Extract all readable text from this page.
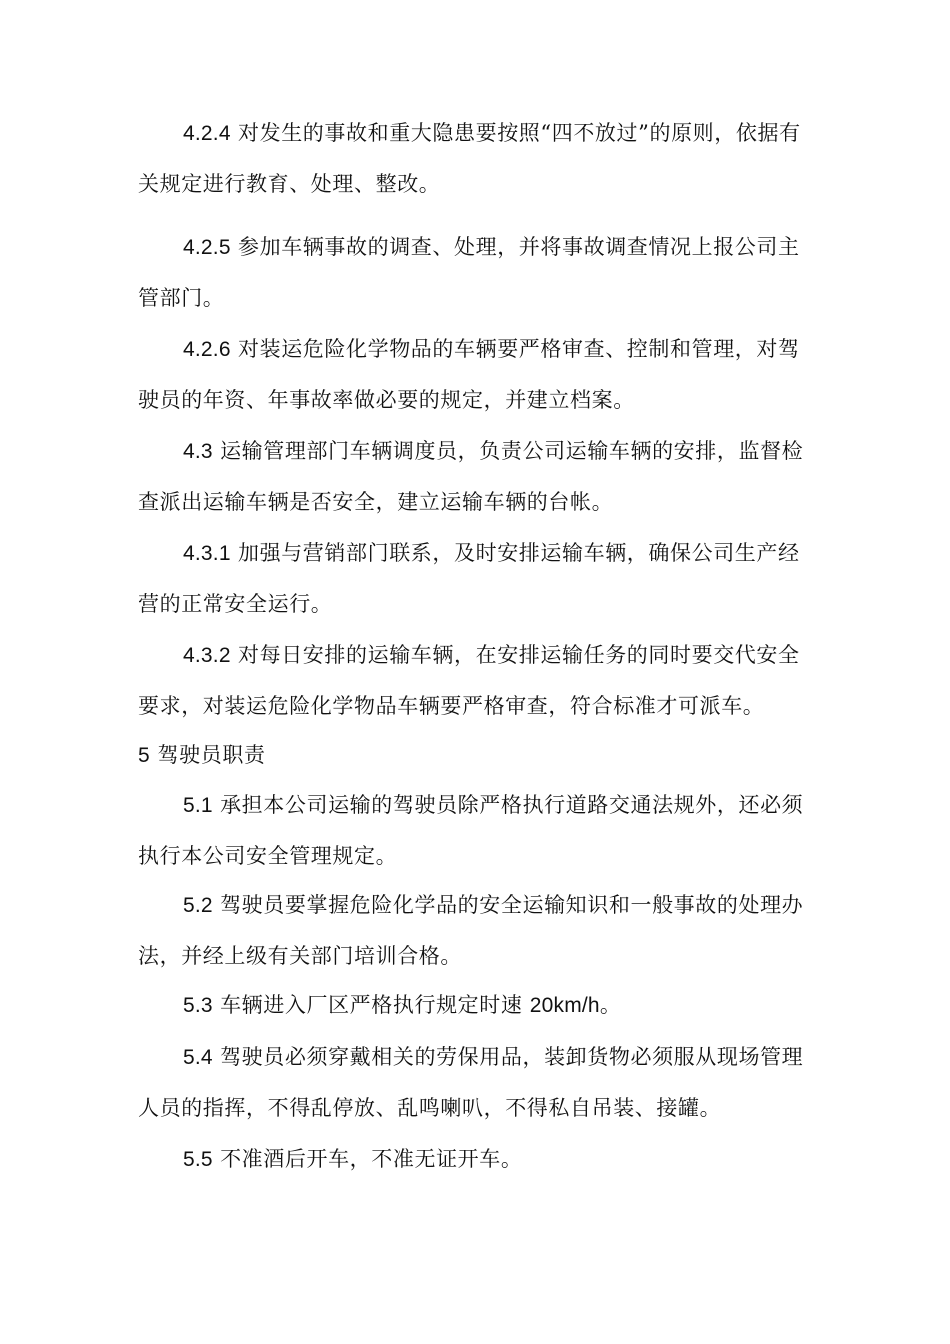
4.2.4 对发生的事故和重大隐患要按照“四不放过”的原则，依据有关规定进行教育、处理、整改。

4.2.5 参加车辆事故的调查、处理，并将事故调查情况上报公司主管部门。

4.2.6 对装运危险化学物品的车辆要严格审查、控制和管理，对驾驶员的年资、年事故率做必要的规定，并建立档案。

4.3 运输管理部门车辆调度员，负责公司运输车辆的安排，监督检查派出运输车辆是否安全，建立运输车辆的台帐。

4.3.1 加强与营销部门联系，及时安排运输车辆，确保公司生产经营的正常安全运行。

4.3.2 对每日安排的运输车辆，在安排运输任务的同时要交代安全要求，对装运危险化学物品车辆要严格审查，符合标准才可派车。

5 驾驶员职责

5.1 承担本公司运输的驾驶员除严格执行道路交通法规外，还必须执行本公司安全管理规定。

5.2 驾驶员要掌握危险化学品的安全运输知识和一般事故的处理办法，并经上级有关部门培训合格。

5.3 车辆进入厂区严格执行规定时速 20km/h。

5.4 驾驶员必须穿戴相关的劳保用品，装卸货物必须服从现场管理人员的指挥，不得乱停放、乱鸣喇叭，不得私自吊装、接罐。

5.5 不准酒后开车，不准无证开车。
